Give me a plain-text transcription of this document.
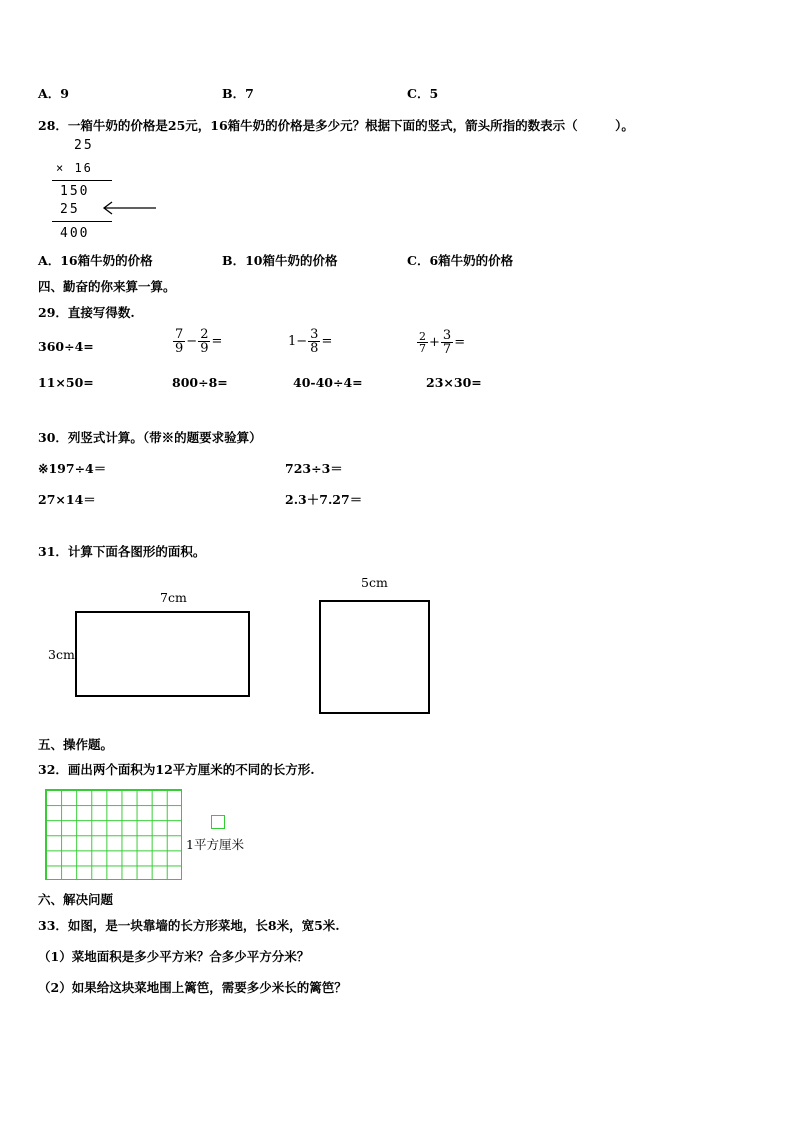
A．9	B．7	C．5
28．一箱牛奶的价格是25元，16箱牛奶的价格是多少元？根据下面的竖式，箭头所指的数表示（　　　）。
25
× 16
150
25
400
A．16箱牛奶的价格	B．10箱牛奶的价格	C．6箱牛奶的价格
四、勤奋的你来算一算。
29．直接写得数.
360÷4=	$\frac{7}{9} - \frac{2}{9}$ =	$1- \frac{3}{8}$ =	$\frac{2}{7} + \frac{3}{7}$ =
11×50=	800÷8=	40-40÷4=	23×30=
30．列竖式计算。（带※的题要求验算）
※197÷4＝	723÷3＝
27×14＝	2.3＋7.27＝
31．计算下面各图形的面积。
7cm
3cm
5cm
五、操作题。
32．画出两个面积为12平方厘米的不同的长方形.
1平方厘米
六、解决问题
33．如图，是一块靠墙的长方形菜地，长8米，宽5米.
（1）菜地面积是多少平方米？合多少平方分米？
（2）如果给这块菜地围上篱笆，需要多少米长的篱笆？
